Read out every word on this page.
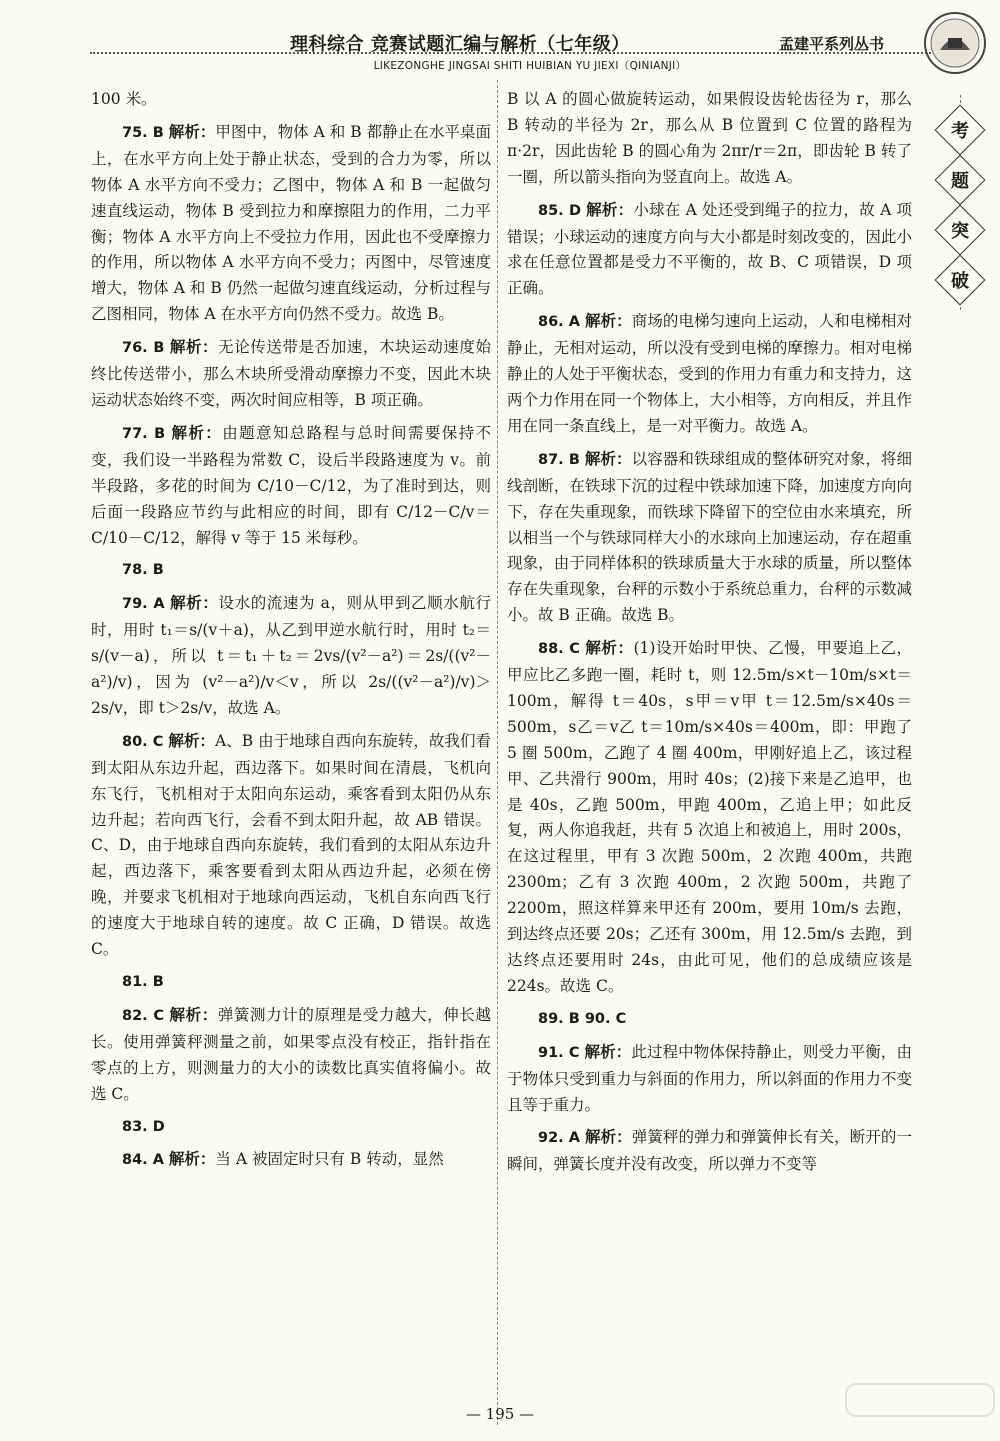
理科综合 竞赛试题汇编与解析（七年级）	孟建平系列丛书
LIKEZONGHE JINGSAI SHITI HUIBIAN YU JIEXI（QINIANJI）
考
题
突
破

100 米。

75. B 解析：甲图中，物体 A 和 B 都静止在水平桌面上，在水平方向上处于静止状态，受到的合力为零，所以物体 A 水平方向不受力；乙图中，物体 A 和 B 一起做匀速直线运动，物体 B 受到拉力和摩擦阻力的作用，二力平衡；物体 A 水平方向上不受拉力作用，因此也不受摩擦力的作用，所以物体 A 水平方向不受力；丙图中，尽管速度增大，物体 A 和 B 仍然一起做匀速直线运动，分析过程与乙图相同，物体 A 在水平方向仍然不受力。故选 B。

76. B 解析：无论传送带是否加速，木块运动速度始终比传送带小，那么木块所受滑动摩擦力不变，因此木块运动状态始终不变，两次时间应相等，B 项正确。

77. B 解析：由题意知总路程与总时间需要保持不变，我们设一半路程为常数 C，设后半段路速度为 v。前半段路，多花的时间为 C/10－C/12，为了准时到达，则后面一段路应节约与此相应的时间，即有 C/12－C/v＝C/10－C/12，解得 v 等于 15 米每秒。

78. B

79. A 解析：设水的流速为 a，则从甲到乙顺水航行时，用时 t₁＝s/(v＋a)，从乙到甲逆水航行时，用时 t₂＝s/(v－a)，所以 t＝t₁＋t₂＝2vs/(v²－a²)＝2s/((v²－a²)/v)，因为 (v²－a²)/v＜v，所以 2s/((v²－a²)/v)＞2s/v，即 t＞2s/v，故选 A。

80. C 解析：A、B 由于地球自西向东旋转，故我们看到太阳从东边升起，西边落下。如果时间在清晨，飞机向东飞行，飞机相对于太阳向东运动，乘客看到太阳仍从东边升起；若向西飞行，会看不到太阳升起，故 AB 错误。C、D，由于地球自西向东旋转，我们看到的太阳从东边升起，西边落下，乘客要看到太阳从西边升起，必须在傍晚，并要求飞机相对于地球向西运动，飞机自东向西飞行的速度大于地球自转的速度。故 C 正确，D 错误。故选 C。

81. B

82. C 解析：弹簧测力计的原理是受力越大，伸长越长。使用弹簧秤测量之前，如果零点没有校正，指针指在零点的上方，则测量力的大小的读数比真实值将偏小。故选 C。

83. D

84. A 解析：当 A 被固定时只有 B 转动，显然

B 以 A 的圆心做旋转运动，如果假设齿轮齿径为 r，那么 B 转动的半径为 2r，那么从 B 位置到 C 位置的路程为 π·2r，因此齿轮 B 的圆心角为 2πr/r＝2π，即齿轮 B 转了一圈，所以箭头指向为竖直向上。故选 A。

85. D 解析：小球在 A 处还受到绳子的拉力，故 A 项错误；小球运动的速度方向与大小都是时刻改变的，因此小求在任意位置都是受力不平衡的，故 B、C 项错误，D 项正确。

86. A 解析：商场的电梯匀速向上运动，人和电梯相对静止，无相对运动，所以没有受到电梯的摩擦力。相对电梯静止的人处于平衡状态，受到的作用力有重力和支持力，这两个力作用在同一个物体上，大小相等，方向相反，并且作用在同一条直线上，是一对平衡力。故选 A。

87. B 解析：以容器和铁球组成的整体研究对象，将细线剖断，在铁球下沉的过程中铁球加速下降，加速度方向向下，存在失重现象，而铁球下降留下的空位由水来填充，所以相当一个与铁球同样大小的水球向上加速运动，存在超重现象，由于同样体积的铁球质量大于水球的质量，所以整体存在失重现象，台秤的示数小于系统总重力，台秤的示数减小。故 B 正确。故选 B。

88. C 解析：(1)设开始时甲快、乙慢，甲要追上乙，甲应比乙多跑一圈，耗时 t，则 12.5m/s×t－10m/s×t＝100m，解得 t＝40s，s甲＝v甲 t＝12.5m/s×40s＝500m，s乙＝v乙 t＝10m/s×40s＝400m，即：甲跑了 5 圈 500m，乙跑了 4 圈 400m，甲刚好追上乙，该过程甲、乙共滑行 900m，用时 40s；(2)接下来是乙追甲，也是 40s，乙跑 500m，甲跑 400m，乙追上甲；如此反复，两人你追我赶，共有 5 次追上和被追上，用时 200s，在这过程里，甲有 3 次跑 500m，2 次跑 400m，共跑 2300m；乙有 3 次跑 400m，2 次跑 500m，共跑了 2200m，照这样算来甲还有 200m，要用 10m/s 去跑，到达终点还要 20s；乙还有 300m，用 12.5m/s 去跑，到达终点还要用时 24s，由此可见，他们的总成绩应该是 224s。故选 C。

89. B 90. C

91. C 解析：此过程中物体保持静止，则受力平衡，由于物体只受到重力与斜面的作用力，所以斜面的作用力不变且等于重力。

92. A 解析：弹簧秤的弹力和弹簧伸长有关，断开的一瞬间，弹簧长度并没有改变，所以弹力不变等

— 195 —
